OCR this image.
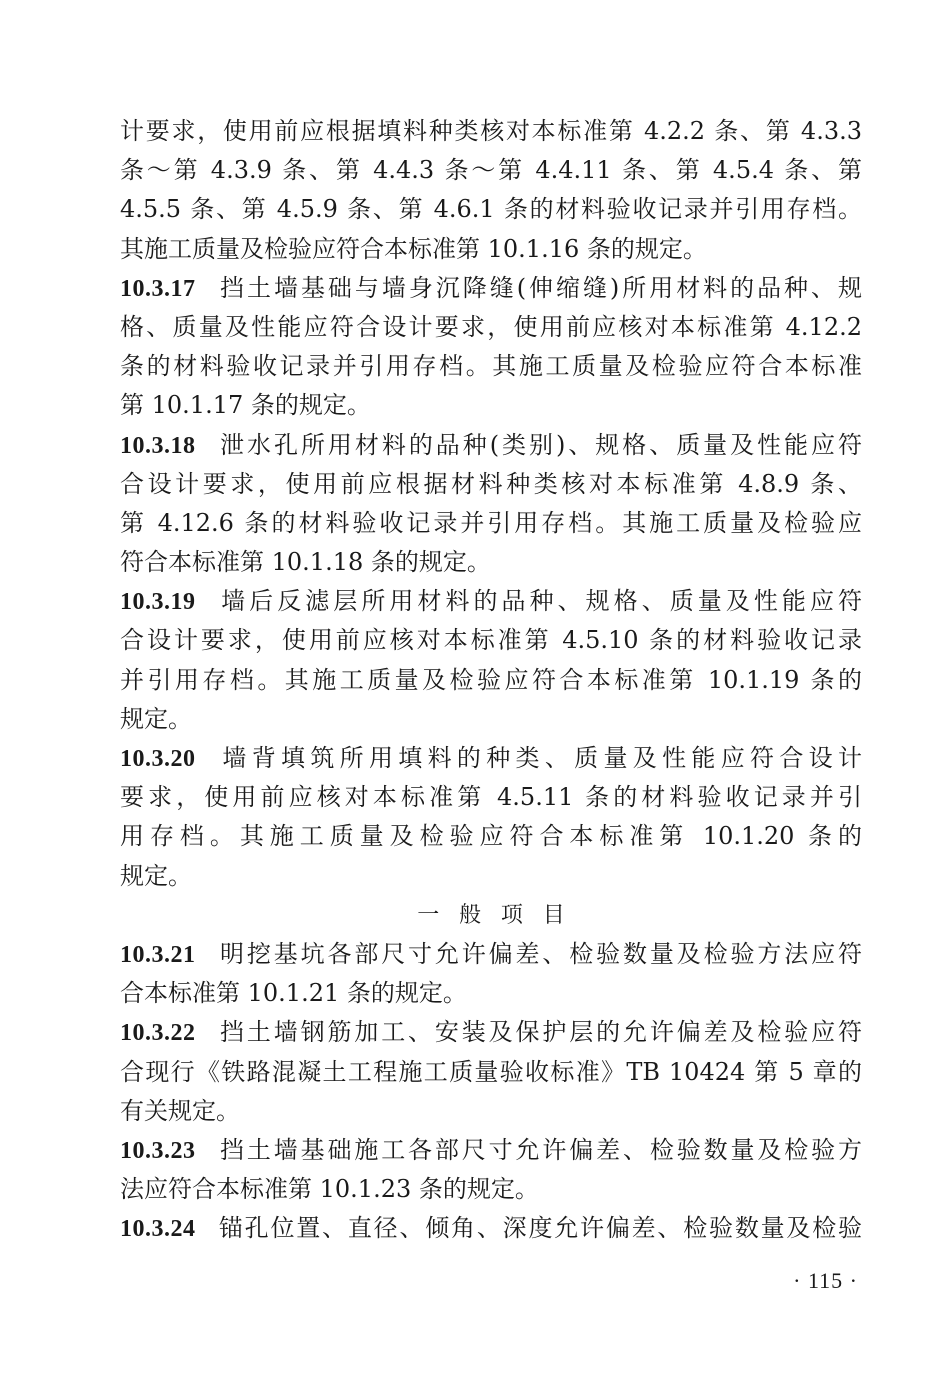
计要求，使用前应根据填料种类核对本标准第 4.2.2 条、第 4.3.3
条～第 4.3.9 条、第 4.4.3 条～第 4.4.11 条、第 4.5.4 条、第
4.5.5 条、第 4.5.9 条、第 4.6.1 条的材料验收记录并引用存档。
其施工质量及检验应符合本标准第 10.1.16 条的规定。
10.3.17 挡土墙基础与墙身沉降缝(伸缩缝)所用材料的品种、规
格、质量及性能应符合设计要求，使用前应核对本标准第 4.12.2
条的材料验收记录并引用存档。其施工质量及检验应符合本标准
第 10.1.17 条的规定。
10.3.18 泄水孔所用材料的品种(类别)、规格、质量及性能应符
合设计要求，使用前应根据材料种类核对本标准第 4.8.9 条、
第 4.12.6 条的材料验收记录并引用存档。其施工质量及检验应
符合本标准第 10.1.18 条的规定。
10.3.19 墙后反滤层所用材料的品种、规格、质量及性能应符
合设计要求，使用前应核对本标准第 4.5.10 条的材料验收记录
并引用存档。其施工质量及检验应符合本标准第 10.1.19 条的
规定。
10.3.20 墙背填筑所用填料的种类、质量及性能应符合设计
要求，使用前应核对本标准第 4.5.11 条的材料验收记录并引
用存档。其施工质量及检验应符合本标准第 10.1.20 条的
规定。
一般项目
10.3.21 明挖基坑各部尺寸允许偏差、检验数量及检验方法应符
合本标准第 10.1.21 条的规定。
10.3.22 挡土墙钢筋加工、安装及保护层的允许偏差及检验应符
合现行《铁路混凝土工程施工质量验收标准》TB 10424 第 5 章的
有关规定。
10.3.23 挡土墙基础施工各部尺寸允许偏差、检验数量及检验方
法应符合本标准第 10.1.23 条的规定。
10.3.24 锚孔位置、直径、倾角、深度允许偏差、检验数量及检验
· 115 ·
